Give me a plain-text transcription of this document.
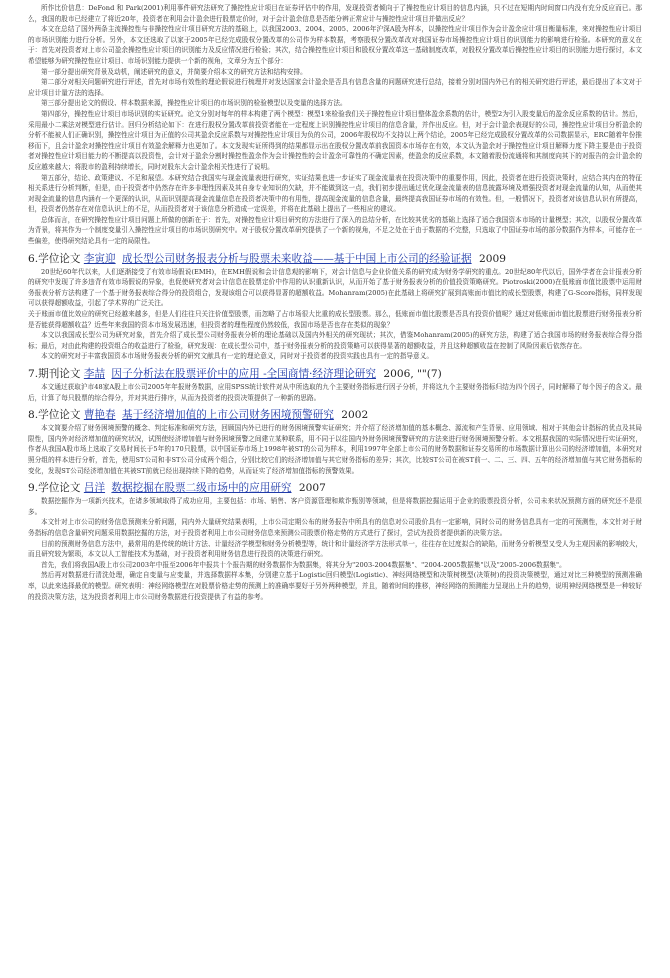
所作比价信息：DeFond 和 Park(2001)利用事件研究法研究了操控性应计项目在证券评估中的作用，发现投资者倾向于了操控性应计项目的信息内涵，只不过在短期内时间窗口内没有充分反应而已。那么，我国的股市已经建立了将近20年，投资者在利用会计盈余进行股票定价时，对于会计盈余信息是否能分辨正常应计与操控性应计项目并做出反应？

本文在总结了国外两条主流操控性与非操控性应计项目研究方法的基础上，以我国2003、2004、2005、2006年沪深A股为样本，以操控性应计项目作为会计盈余应计项目衡量标准，来对操控性应计项目的市场识别能力进行分析。另外，本文还选取了以家于2005年已经完成股权分置改革的公司作为样本数据，考察股权分置改革改对我国证券市场操控性应计项目的识别能力的影响进行检验。本研究的意义在于：首先对投资者对上市公司盈余操控性应计项目的识别能力及反应情况进行检验；其次，结合操控性应计项目和股权分置改革这一基础制度改革，对股权分置改革后操控性应计项目的识别能力进行探讨，本文希望能够为研究操控性应计项目、市场识别能力提供一个新的视角，文章分为五个部分：

第一部分提出研究背景及动机，阐述研究的意义，并简要介绍本文的研究方法和结构安排。

第二部分对相关问题研究进行评述，首先对市场有效性的理论假说进行梳理并对发达国家会计盈余是否具有信息含量的问题研究进行总结，接着分别对国内外已有的相关研究进行评述，最后提出了本文对于应计项目计量方法的选择。

第三部分提出论文的假设、样本数据来源，操控性应计项目的市场识别的检验模型以及变量的选择方法。

第四部分，操控性应计项目市场识别的实证研究。论文分别对每年的样本构建了两个模型：模型1来检验我们关于操控性应计项目整体盈余系数的估计，模型2为引入股变量后的盈余反应系数的估计。然后，采用最小二乘法对模型进行估计。回归分析结论如下：在进行股权分置改革前投资者能在一定程度上识别操控性应计项目的信息含量，并作出反应。但，对于会计盈余表现好的公司，操控性应计项目分析盈余的分析不能被人们正确识别，操控性应计项目为正值的公司其盈余反应系数与对操控性应计项目为负的公司，2006年股权均不支持以上两个结论，2005年已经完成股权分置改革的公司数据显示，ERC随着年份推移而下，且会计盈余对操控性应计项目有效盈余解释力也更加了。本文发现实证所得到的结果都显示出在股权分置改革前我国资本市场存在有效，本文认为盈余对于操控性应计项目解释力度下降主要是由于投资者对操控性应计项目能力的不断提高以投资性，会计对于盈余分割时操控性盈余作为会计操控性的会计盈余可靠性的不确定因素，使盈余的反应系数，本文随着股份流通将和其制度向其下的对报告的会计盈余的反应越来越大；将股市的盈利持续增长，同时对股东大会计盈余相关性进行了说明。

第五部分，结论、政策建议、不足和展望。本研究结合我国实与现金流量表进行研究，实证结果也进一步证实了现金流量表在投资决策中的重要作用，因此，投资者在进行投资决策时，应结合其内在的特征相关系进行分析判断，但是，由于投资者中仍然存在许多非理性因素及其自身专业知识的欠缺，并不能做到这一点，我们初步提出通过优化现金流量表的信息披露环境及增强投资者对现金流量的认知，从而使其对现金流量的信息内涵有一个更深的认识，从而识别提高现金流量信息在投资者决策中的有用性，提高现金流量的信息含量，最终提高我国证券市场的有效性。但，一般情况下，投资者对该信息认识有所提高，但，投资者仍然存在对信息认识上的不足，从而投资者对于该信息分析造成一定误差，并将在此基础上提出了一些相应的建议。

总体而言，在研究操控性应计项目问题上所做的创新在于：首先，对操控性应计项目研究的方法进行了深入的总结分析，在比较其优劣的基础上选择了适合我国资本市场的计量模型；其次，以股权分置改革为背景，将其作为一个制度变量引入操控性应计项目的市场识别研究中。对于股权分置改革研究提供了一个新的视角，不足之处在于由于数据的不完整，只选取了中国证券市场的部分数据作为样本，可能存在一些偏差，使得研究结论具有一定的局限性。

6.学位论文 李寅迎 成长型公司财务报表分析与股票未来收益——基于中国上市公司的经验证据 2009

20世纪60年代以来，人们逐渐接受了有效市场假说(EMH)，在EMH假说和会计信息观的影响下，对会计信息与企业价值关系的研究成为财务学研究的重点。20世纪80年代以后，国外学者在会计报表分析的研究中发现了许多违背有效市场假说的异象，也促使研究者对会计信息在股票定价中作用的认识重新认识，从而开始了基于财务报表分析的价值投资策略研究。Piotroski(2000)在低账面市值比股票中运用财务报表分析方法构建了一个基于财务报表综合得分的投资组合，发现该组合可以获得显著的超额收益。Mohanram(2005)在此基础上将研究扩展到高账面市值比的成长型股票，构建了G-Score指标，同样发现可以获得超额收益，引起了学术界的广泛关注。

关于账面市值比效应的研究已经越来越多，但是人们往往只关注价值型股票，而忽略了占市场很大比重的成长型股票。那么，低账面市值比股票是否具有投资价值呢？通过对低账面市值比股票进行财务报表分析是否能获得超额收益？近些年来我国的资本市场发展迅速，但投资者的理性程度仍然较低，我国市场是否也存在类似的现象？

本文以我国成长型公司为研究对象，首先介绍了成长型公司财务报表分析的理论基础以及国内外相关的研究现状；其次，借鉴Mohanram(2005)的研究方法，构建了适合我国市场的财务报表综合得分指标；最后，对由此构建的投资组合的收益进行了检验，研究发现：在成长型公司中，基于财务报表分析的投资策略可以获得显著的超额收益，并且这种超额收益在控制了风险因素后依然存在。

本文的研究对于丰富我国资本市场财务报表分析的研究文献具有一定的理论意义，同时对于投资者的投资实践也具有一定的指导意义。

7.期刊论文 李喆 因子分析法在股票评价中的应用 -全国商情·经济理论研究 2006, ""(7)

本文通过获取沪市48家A股上市公司2005年年报财务数据，应用SPSS统计软件对从中所选取的九个主要财务指标进行因子分析，并将这九个主要财务指标归结为四个因子，同时解释了每个因子的含义。最后，计算了每只股票的综合得分，并对其进行排序，从而为投资者的投资决策提供了一种新的思路。

8.学位论文 曹艳春 基于经济增加值的上市公司财务困境预警研究 2002

本文简要介绍了财务困境预警的概念、判定标准和研究方法，回顾国内外已进行的财务困境预警实证研究；并介绍了经济增加值的基本概念、源流和产生背景、应用领域、相对于其他会计指标的优点及其局限性，国内外对经济增加值的研究状况，试图使经济增加值与财务困境预警之间建立某种联系，用不同于以往国内外财务困境预警研究的方法来进行财务困境预警分析。本文根据我国的实际情况进行实证研究，作者从我国A股市场上选取了交易时间长于5年的170只股票，以中国证券市场上1998年被ST的公司为样本，利用1997年全部上市公司的财务数据和证券交易所的市场数据计算出公司的经济增加值，本研究对照分组的样本进行分析，首先，使用ST公司和非ST公司分成两个组合，分别比较它们的经济增加值与其它财务指标的差异；其次，比较ST公司在被ST前一、二、三、四、五年的经济增加值与其它财务指标的变化，发现ST公司经济增加值在其被ST前就已经出现持续下降的趋势，从而证实了经济增加值指标的预警效果。

9.学位论文 吕洋 数据挖掘在股票二级市场中的应用研究 2007

数据挖掘作为一项新兴技术，在诸多领域取得了成功应用，主要包括：市场、销售、客户资源管理和欺诈甄别等领域，但是将数据挖掘运用于企业的股票投资分析，公司未来状况预测方面的研究还不是很多。

本文针对上市公司的财务信息预测来分析问题，同内外大量研究结果表明，上市公司定期公布的财务报告中所具有的信息对公司股价具有一定影响，同时公司的财务信息具有一定的可预测性，本文针对于财务指标的信息含量研究问题采用数据挖掘的方法，对于投资者利用上市公司财务信息来预测公司股票价格走势的方式进行了探讨，尝试为投资者提供新的决策方法。

目前的预测财务信息方法中，最常用的是传统的统计方法、计量经济学模型和财务分析模型等，统计和计量经济学方法形式单一，往往存在过度拟合的缺陷，而财务分析模型又受人为主观因素的影响较大，而且研究较为繁琐，本文以人工智能技术为基础，对于投资者利用财务信息进行投资的决策进行研究。

首先，我们将我国A股上市公司2003年中报至2006年中报共十个报告期的财务数据作为数据集，将其分为"2003-2004数据集"、"2004-2005数据集"以及"2005-2006数据集"。

然后再对数据进行清洗处理，确定自变量与应变量，并选择数据样本集，分别建立基于Logistic回归模型(Logistic)、神经网络模型和决策树模型(决策树)的投资决策模型，通过对比三种模型的预测准确率，以此来选择最优的模型。研究表明：神经网络模型在对股票价格走势的预测上的准确率要好于另外两种模型，并且，随着时间的推移，神经网络的预测能力呈现出上升的趋势，说明神经网络模型是一种较好的投资决策方法，这为投资者利用上市公司财务数据进行投资提供了有益的参考。
